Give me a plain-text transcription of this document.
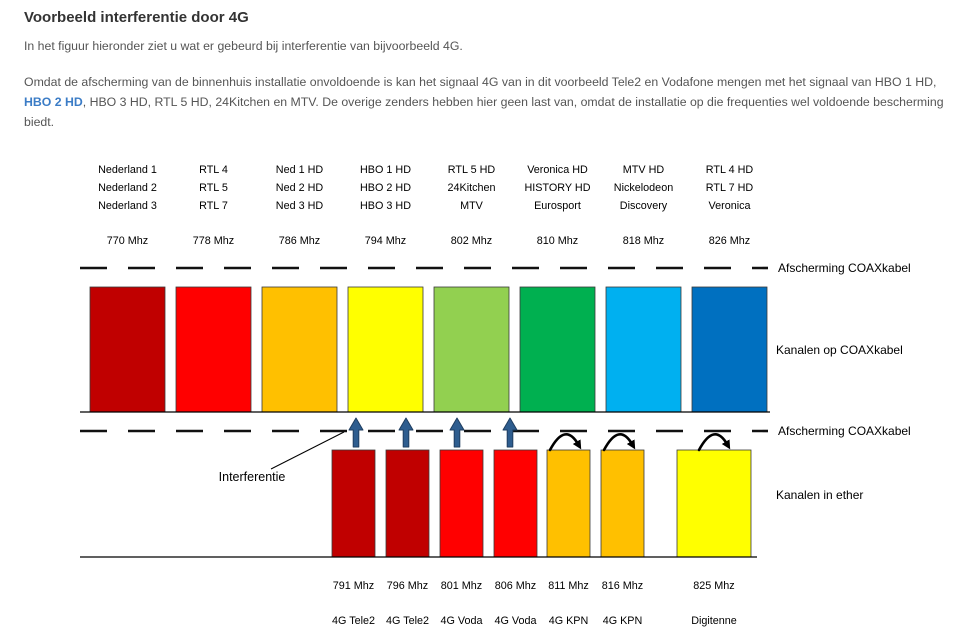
Nederland 1
Nederland 2
Nederland 3
770 Mhz
RTL 4
RTL 5
RTL 7
778 Mhz
Ned 1 HD
Ned 2 HD
Ned 3 HD
786 Mhz
HBO 1 HD
HBO 2 HD
HBO 3 HD
794 Mhz
RTL 5 HD
24Kitchen
MTV
802 Mhz
Veronica HD
HISTORY HD
Eurosport
810 Mhz
MTV HD
Nickelodeon
Discovery
818 Mhz
RTL 4 HD
RTL 7 HD
Veronica
826 Mhz
791 Mhz
4G Tele2
796 Mhz
4G Tele2
801 Mhz
4G Voda
806 Mhz
4G Voda
811 Mhz
4G KPN
816 Mhz
4G KPN
825 Mhz
Digitenne
Afscherming COAXkabel
Kanalen op COAXkabel
Afscherming COAXkabel
Kanalen in ether
Interferentie
Voorbeeld interferentie door 4G

In het figuur hieronder ziet u wat er gebeurd bij interferentie van bijvoorbeeld 4G.

Omdat de afscherming van de binnenhuis installatie onvoldoende is kan het signaal 4G van in dit voorbeeld Tele2 en Vodafone mengen met het signaal van HBO 1 HD,
HBO 2 HD, HBO 3 HD, RTL 5 HD, 24Kitchen en MTV. De overige zenders hebben hier geen last van, omdat de installatie op die frequenties wel voldoende bescherming
biedt.
